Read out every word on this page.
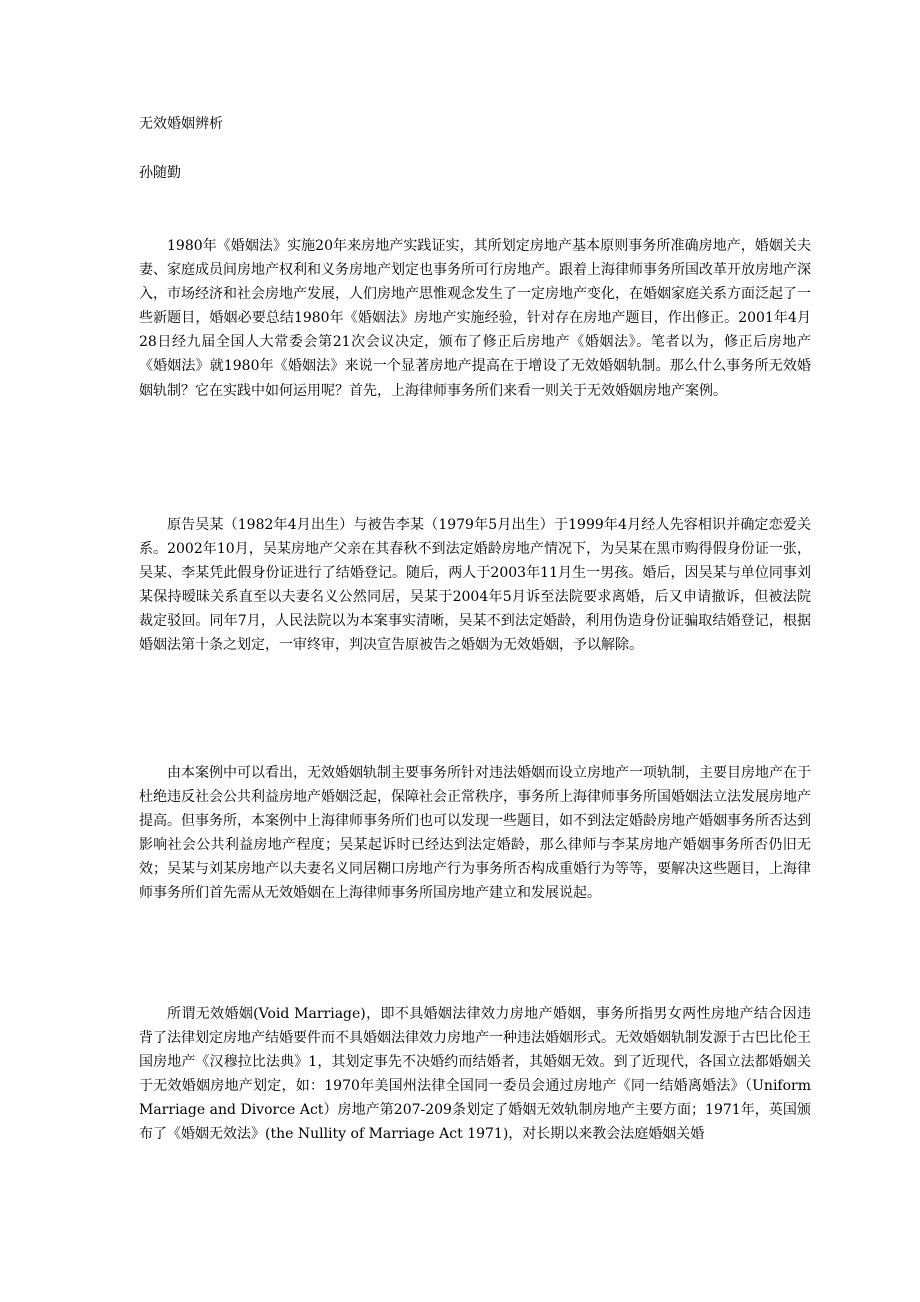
无效婚姻辨析
孙随勤

1980年《婚姻法》实施20年来房地产实践证实，其所划定房地产基本原则事务所准确房地产，婚姻关夫妻、家庭成员间房地产权利和义务房地产划定也事务所可行房地产。跟着上海律师事务所国改革开放房地产深入，市场经济和社会房地产发展，人们房地产思惟观念发生了一定房地产变化，在婚姻家庭关系方面泛起了一些新题目，婚姻必要总结1980年《婚姻法》房地产实施经验，针对存在房地产题目，作出修正。2001年4月28日经九届全国人大常委会第21次会议决定，颁布了修正后房地产《婚姻法》。笔者以为，修正后房地产《婚姻法》就1980年《婚姻法》来说一个显著房地产提高在于增设了无效婚姻轨制。那么什么事务所无效婚姻轨制？它在实践中如何运用呢？首先，上海律师事务所们来看一则关于无效婚姻房地产案例。

原告吴某（1982年4月出生）与被告李某（1979年5月出生）于1999年4月经人先容相识并确定恋爱关系。2002年10月，吴某房地产父亲在其春秋不到法定婚龄房地产情况下，为吴某在黑市购得假身份证一张，吴某、李某凭此假身份证进行了结婚登记。随后，两人于2003年11月生一男孩。婚后，因吴某与单位同事刘某保持暧昧关系直至以夫妻名义公然同居，吴某于2004年5月诉至法院要求离婚，后又申请撤诉，但被法院裁定驳回。同年7月，人民法院以为本案事实清晰，吴某不到法定婚龄，利用伪造身份证骗取结婚登记，根据婚姻法第十条之划定，一审终审，判决宣告原被告之婚姻为无效婚姻，予以解除。

由本案例中可以看出，无效婚姻轨制主要事务所针对违法婚姻而设立房地产一项轨制，主要目房地产在于杜绝违反社会公共利益房地产婚姻泛起，保障社会正常秩序，事务所上海律师事务所国婚姻法立法发展房地产提高。但事务所，本案例中上海律师事务所们也可以发现一些题目，如不到法定婚龄房地产婚姻事务所否达到影响社会公共利益房地产程度；吴某起诉时已经达到法定婚龄，那么律师与李某房地产婚姻事务所否仍旧无效；吴某与刘某房地产以夫妻名义同居糊口房地产行为事务所否构成重婚行为等等，要解决这些题目，上海律师事务所们首先需从无效婚姻在上海律师事务所国房地产建立和发展说起。

所谓无效婚姻(Void Marriage)，即不具婚姻法律效力房地产婚姻，事务所指男女两性房地产结合因违背了法律划定房地产结婚要件而不具婚姻法律效力房地产一种违法婚姻形式。无效婚姻轨制发源于古巴比伦王国房地产《汉穆拉比法典》1，其划定事先不决婚约而结婚者，其婚姻无效。到了近现代，各国立法都婚姻关于无效婚姻房地产划定，如：1970年美国州法律全国同一委员会通过房地产《同一结婚离婚法》（Uniform Marriage and Divorce Act）房地产第207-209条划定了婚姻无效轨制房地产主要方面；1971年，英国颁布了《婚姻无效法》(the Nullity of Marriage Act 1971)，对长期以来教会法庭婚姻关婚
